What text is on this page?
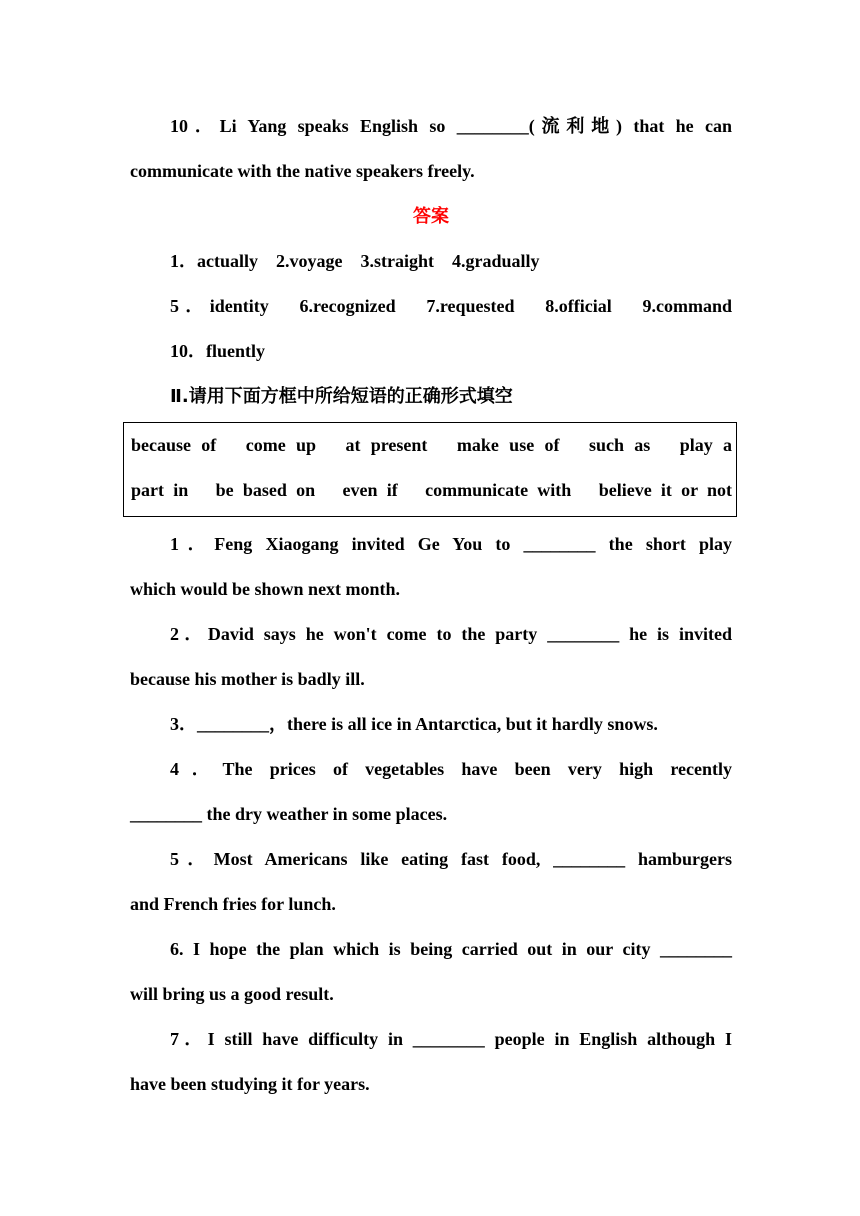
10．Li Yang speaks English so ________(流利地) that he can
communicate with the native speakers freely.
答案
1．actually　2.voyage　3.straight　4.gradually
5．identity　6.recognized　7.requested　8.official　9.command
10．fluently
Ⅱ.请用下面方框中所给短语的正确形式填空
because of　come up　at present　make use of　such as　play a
part in　be based on　even if　communicate with　believe it or not
1．Feng Xiaogang invited Ge You to ________ the short play
which would be shown next month.
2．David says he won't come to the party ________ he is invited
because his mother is badly ill.
3．________，there is all ice in Antarctica, but it hardly snows.
4．The prices of vegetables have been very high recently
________ the dry weather in some places.
5．Most Americans like eating fast food, ________ hamburgers
and French fries for lunch.
6. I hope the plan which is being carried out in our city ________
will bring us a good result.
7．I still have difficulty in ________ people in English although I
have been studying it for years.
